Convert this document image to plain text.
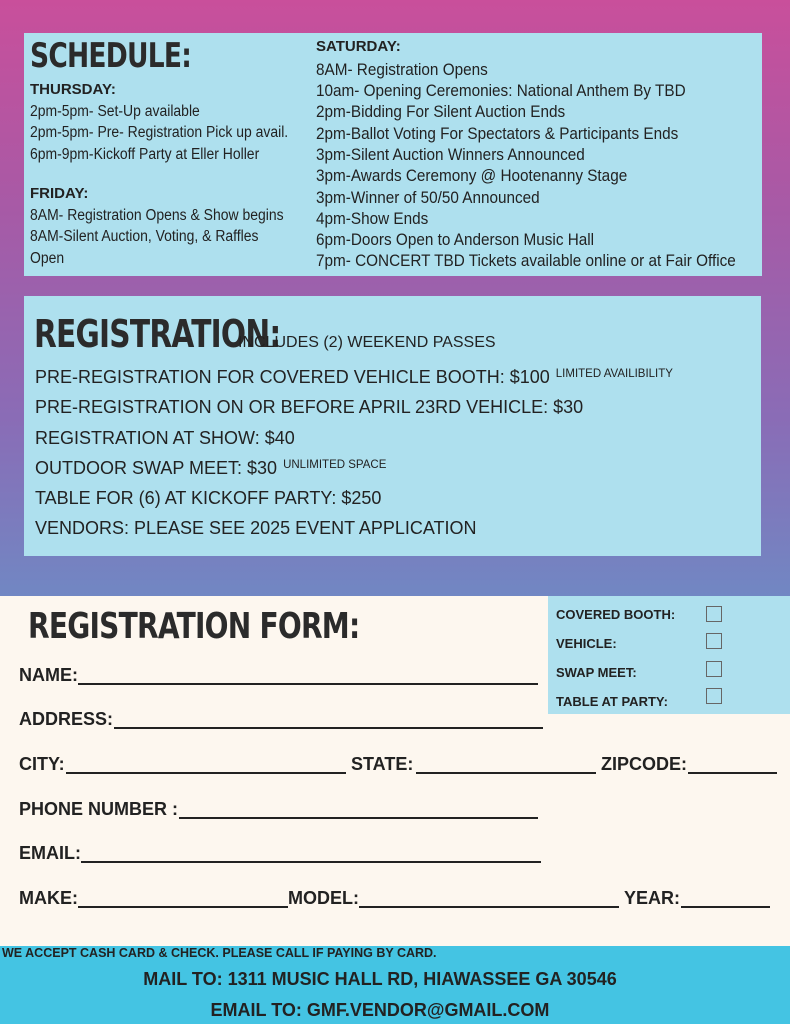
SCHEDULE:
THURSDAY:
2pm-5pm- Set-Up available
2pm-5pm- Pre- Registration Pick up avail.
6pm-9pm-Kickoff Party at Eller Holler
FRIDAY:
8AM- Registration Opens & Show begins
8AM-Silent Auction, Voting, & Raffles
Open
SATURDAY:
8AM- Registration Opens
10am- Opening Ceremonies: National Anthem By TBD
2pm-Bidding For Silent Auction Ends
2pm-Ballot Voting For Spectators & Participants Ends
3pm-Silent Auction Winners Announced
3pm-Awards Ceremony @ Hootenanny Stage
3pm-Winner of 50/50 Announced
4pm-Show Ends
6pm-Doors Open to Anderson Music Hall
7pm- CONCERT TBD Tickets available online or at Fair Office
REGISTRATION:
INCLUDES (2) WEEKEND PASSES
PRE-REGISTRATION FOR COVERED VEHICLE BOOTH: $100 $^{LIMITED AVAILIBILITY}$
PRE-REGISTRATION ON OR BEFORE APRIL 23RD VEHICLE: $30
REGISTRATION AT SHOW: $40
OUTDOOR SWAP MEET: $30 $^{UNLIMITED SPACE}$
TABLE FOR (6) AT KICKOFF PARTY: $250
VENDORS: PLEASE SEE 2025 EVENT APPLICATION
REGISTRATION FORM:	COVERED BOOTH:
VEHICLE:
SWAP MEET:
TABLE AT PARTY:
NAME:
ADDRESS:
CITY:	STATE:	ZIPCODE:
PHONE NUMBER :
EMAIL:
MAKE:	MODEL:	YEAR:
WE ACCEPT CASH CARD & CHECK. PLEASE CALL IF PAYING BY CARD.
MAIL TO: 1311 MUSIC HALL RD, HIAWASSEE GA 30546
EMAIL TO: GMF.VENDOR@GMAIL.COM
